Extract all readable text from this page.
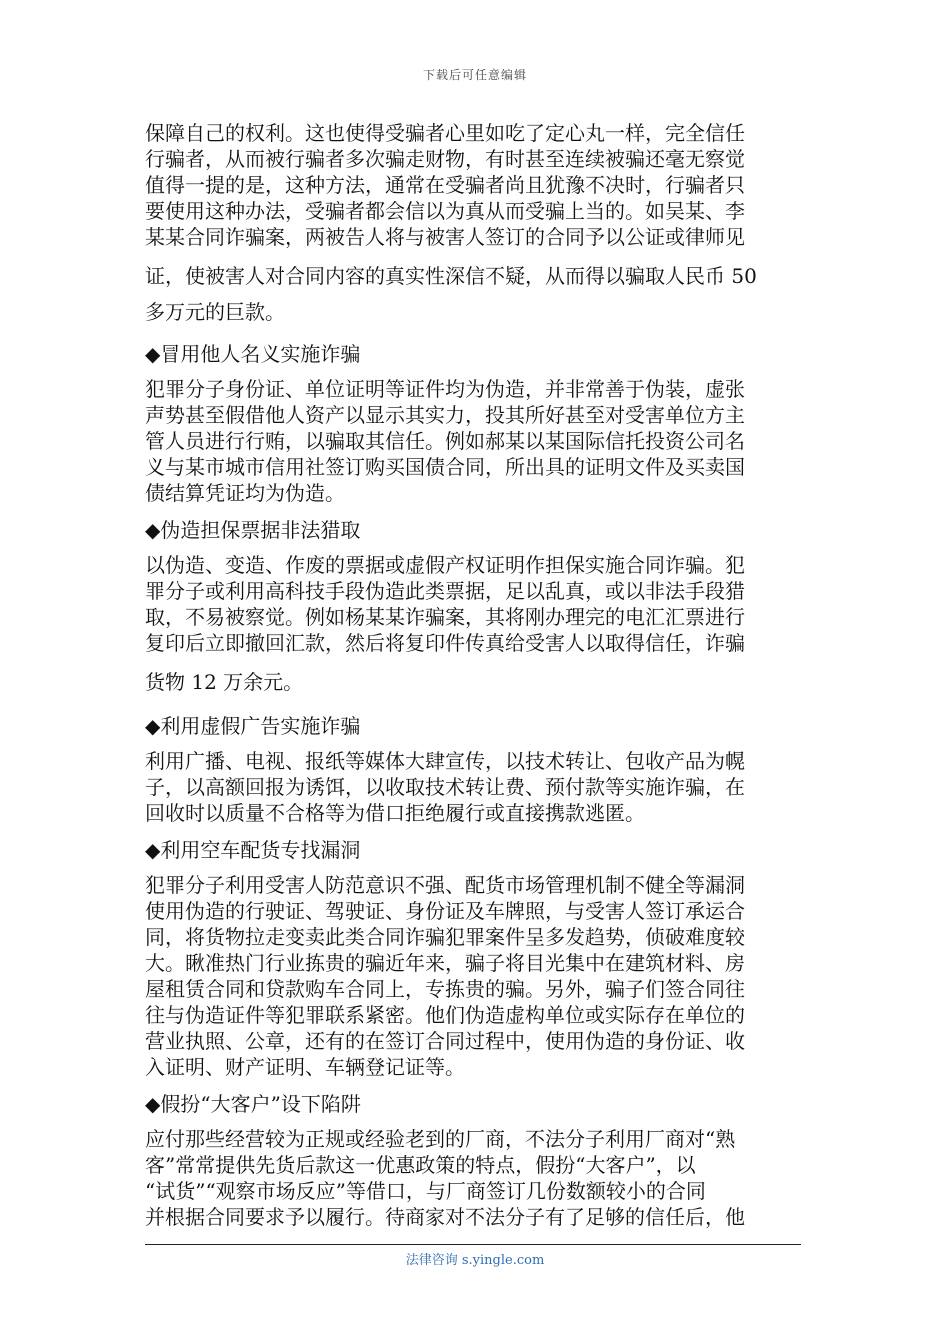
下载后可任意编辑
保障自己的权利。这也使得受骗者心里如吃了定心丸一样，完全信任
行骗者，从而被行骗者多次骗走财物，有时甚至连续被骗还毫无察觉
值得一提的是，这种方法，通常在受骗者尚且犹豫不决时，行骗者只
要使用这种办法，受骗者都会信以为真从而受骗上当的。如吴某、李
某某合同诈骗案，两被告人将与被害人签订的合同予以公证或律师见
证，使被害人对合同内容的真实性深信不疑，从而得以骗取人民币 50
多万元的巨款。
◆冒用他人名义实施诈骗
犯罪分子身份证、单位证明等证件均为伪造，并非常善于伪装，虚张
声势甚至假借他人资产以显示其实力，投其所好甚至对受害单位方主
管人员进行行贿，以骗取其信任。例如郝某以某国际信托投资公司名
义与某市城市信用社签订购买国债合同，所出具的证明文件及买卖国
债结算凭证均为伪造。
◆伪造担保票据非法猎取
以伪造、变造、作废的票据或虚假产权证明作担保实施合同诈骗。犯
罪分子或利用高科技手段伪造此类票据，足以乱真，或以非法手段猎
取，不易被察觉。例如杨某某诈骗案，其将刚办理完的电汇汇票进行
复印后立即撤回汇款，然后将复印件传真给受害人以取得信任，诈骗
货物 12 万余元。
◆利用虚假广告实施诈骗
利用广播、电视、报纸等媒体大肆宣传，以技术转让、包收产品为幌
子，以高额回报为诱饵，以收取技术转让费、预付款等实施诈骗，在
回收时以质量不合格等为借口拒绝履行或直接携款逃匿。
◆利用空车配货专找漏洞
犯罪分子利用受害人防范意识不强、配货市场管理机制不健全等漏洞
使用伪造的行驶证、驾驶证、身份证及车牌照，与受害人签订承运合
同，将货物拉走变卖此类合同诈骗犯罪案件呈多发趋势，侦破难度较
大。瞅准热门行业拣贵的骗近年来，骗子将目光集中在建筑材料、房
屋租赁合同和贷款购车合同上，专拣贵的骗。另外，骗子们签合同往
往与伪造证件等犯罪联系紧密。他们伪造虚构单位或实际存在单位的
营业执照、公章，还有的在签订合同过程中，使用伪造的身份证、收
入证明、财产证明、车辆登记证等。
◆假扮“大客户”设下陷阱
应付那些经营较为正规或经验老到的厂商，不法分子利用厂商对“熟
客”常常提供先货后款这一优惠政策的特点，假扮“大客户”，以
“试货”“观察市场反应”等借口，与厂商签订几份数额较小的合同
并根据合同要求予以履行。待商家对不法分子有了足够的信任后，他
法律咨询 s.yingle.com
